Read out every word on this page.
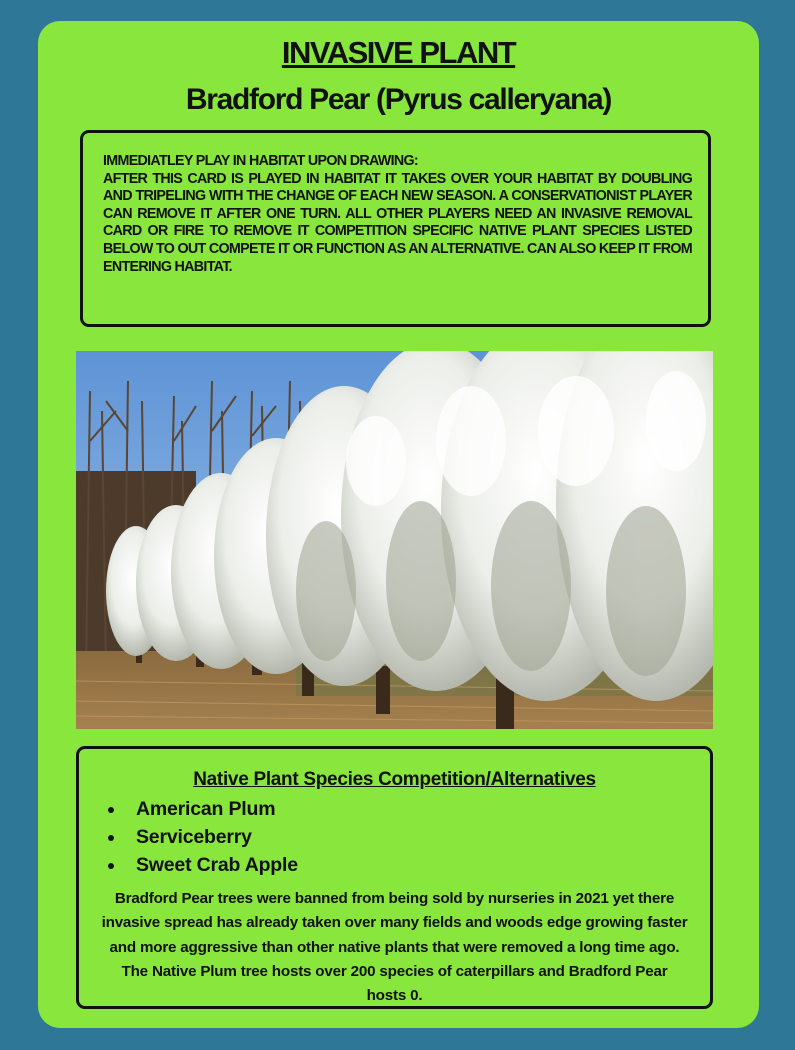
INVASIVE PLANT
Bradford Pear (Pyrus calleryana)

IMMEDIATLEY PLAY IN HABITAT UPON DRAWING:
AFTER THIS CARD IS PLAYED IN HABITAT IT TAKES OVER YOUR HABITAT BY DOUBLING AND TRIPELING WITH THE CHANGE OF EACH NEW SEASON. A CONSERVATIONIST PLAYER CAN REMOVE IT AFTER ONE TURN. ALL OTHER PLAYERS NEED AN INVASIVE REMOVAL CARD OR FIRE TO REMOVE IT COMPETITION SPECIFIC NATIVE PLANT SPECIES LISTED BELOW TO OUT COMPETE IT OR FUNCTION AS AN ALTERNATIVE. CAN ALSO KEEP IT FROM ENTERING HABITAT.

Native Plant Species Competition/Alternatives
American Plum
Serviceberry
Sweet Crab Apple
Bradford Pear trees were banned from being sold by nurseries in 2021 yet there invasive spread has already taken over many fields and woods edge growing faster and more aggressive than other native plants that were removed a long time ago. The Native Plum tree hosts over 200 species of caterpillars and Bradford Pear hosts 0.
